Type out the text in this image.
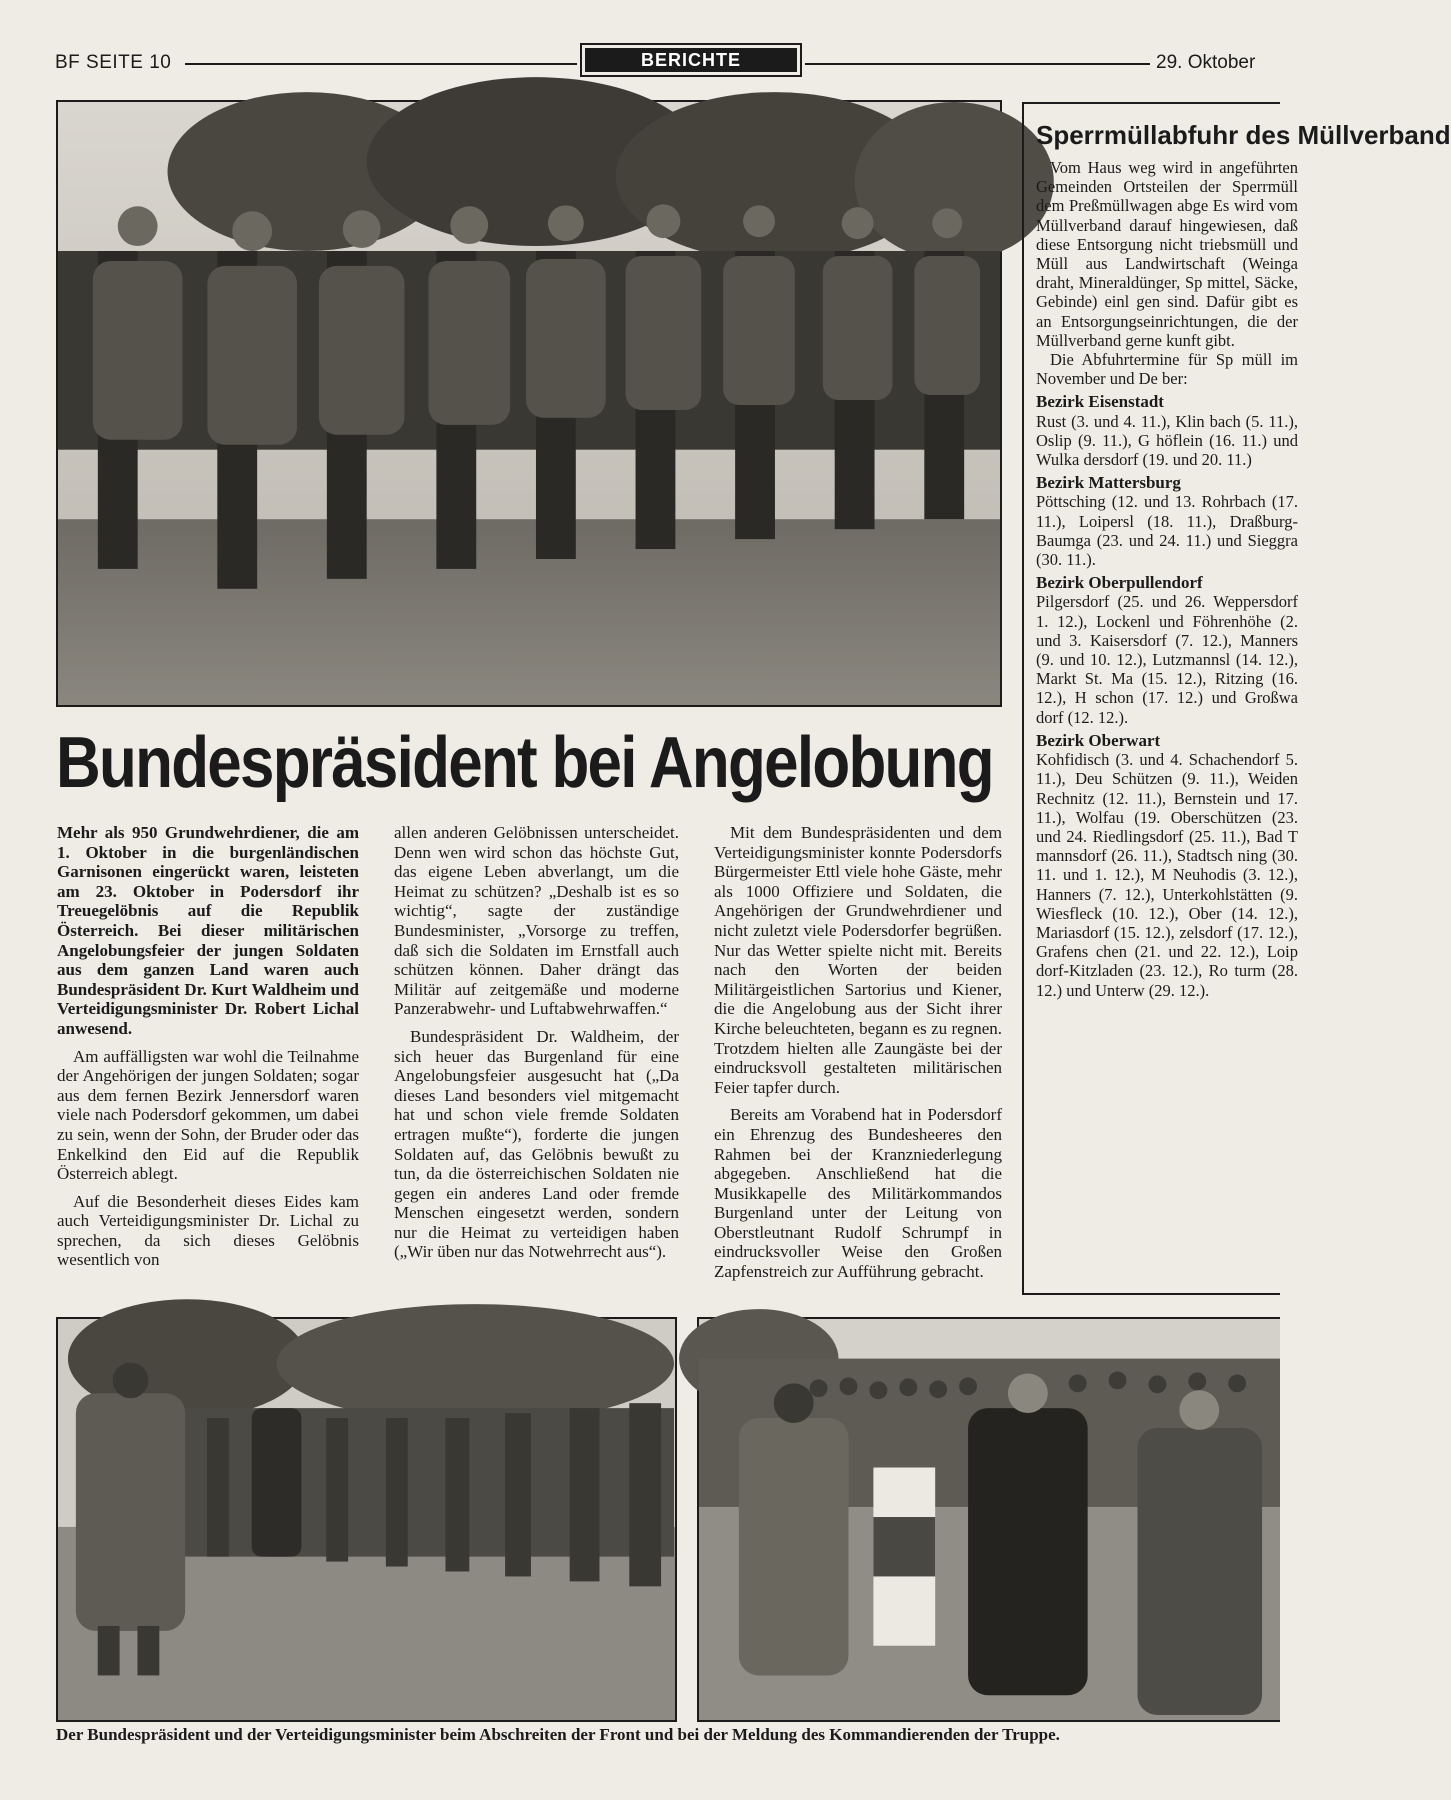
BF SEITE 10	BERICHTE	29. Oktober
Bundespräsident bei Angelobung

Mehr als 950 Grundwehrdiener, die am 1. Oktober in die burgenländischen Garnisonen eingerückt waren, leisteten am 23. Oktober in Podersdorf ihr Treuegelöbnis auf die Republik Österreich. Bei dieser militärischen Angelobungsfeier der jungen Soldaten aus dem ganzen Land waren auch Bundespräsident Dr. Kurt Waldheim und Verteidigungsminister Dr. Robert Lichal anwesend.

Am auffälligsten war wohl die Teilnahme der Angehörigen der jungen Soldaten; sogar aus dem fernen Bezirk Jennersdorf waren viele nach Podersdorf gekommen, um dabei zu sein, wenn der Sohn, der Bruder oder das Enkelkind den Eid auf die Republik Österreich ablegt.

Auf die Besonderheit dieses Eides kam auch Verteidigungsminister Dr. Lichal zu sprechen, da sich dieses Gelöbnis wesentlich von

allen anderen Gelöbnissen unterscheidet. Denn wen wird schon das höchste Gut, das eigene Leben abverlangt, um die Heimat zu schützen? „Deshalb ist es so wichtig“, sagte der zuständige Bundesminister, „Vorsorge zu treffen, daß sich die Soldaten im Ernstfall auch schützen können. Daher drängt das Militär auf zeitgemäße und moderne Panzerabwehr- und Luftabwehrwaffen.“

Bundespräsident Dr. Waldheim, der sich heuer das Burgenland für eine Angelobungsfeier ausgesucht hat („Da dieses Land besonders viel mitgemacht hat und schon viele fremde Soldaten ertragen mußte“), forderte die jungen Soldaten auf, das Gelöbnis bewußt zu tun, da die österreichischen Soldaten nie gegen ein anderes Land oder fremde Menschen eingesetzt werden, sondern nur die Heimat zu verteidigen haben („Wir üben nur das Notwehrrecht aus“).

Mit dem Bundespräsidenten und dem Verteidigungsminister konnte Podersdorfs Bürgermeister Ettl viele hohe Gäste, mehr als 1000 Offiziere und Soldaten, die Angehörigen der Grundwehrdiener und nicht zuletzt viele Podersdorfer begrüßen. Nur das Wetter spielte nicht mit. Bereits nach den Worten der beiden Militärgeistlichen Sartorius und Kiener, die die Angelobung aus der Sicht ihrer Kirche beleuchteten, begann es zu regnen. Trotzdem hielten alle Zaungäste bei der eindrucksvoll gestalteten militärischen Feier tapfer durch.

Bereits am Vorabend hat in Podersdorf ein Ehrenzug des Bundesheeres den Rahmen bei der Kranzniederlegung abgegeben. Anschließend hat die Musikkapelle des Militärkommandos Burgenland unter der Leitung von Oberstleutnant Rudolf Schrumpf in eindrucksvoller Weise den Großen Zapfenstreich zur Aufführung gebracht.

Sperrmüllabfuhr des Müllverband

Vom Haus weg wird in angeführten Gemeinden Ortsteilen der Sperrmüll dem Preßmüllwagen abge Es wird vom Müllverband darauf hingewiesen, daß diese Entsorgung nicht triebsmüll und Müll aus Landwirtschaft (Weinga draht, Mineraldünger, Sp mittel, Säcke, Gebinde) einl gen sind. Dafür gibt es an Entsorgungseinrichtungen, die der Müllverband gerne kunft gibt.

Die Abfuhrtermine für Sp müll im November und De ber:

Bezirk Eisenstadt

Rust (3. und 4. 11.), Klin bach (5. 11.), Oslip (9. 11.), G höflein (16. 11.) und Wulka dersdorf (19. und 20. 11.)

Bezirk Mattersburg

Pöttsching (12. und 13. Rohrbach (17. 11.), Loipersl (18. 11.), Draßburg-Baumga (23. und 24. 11.) und Sieggra (30. 11.).

Bezirk Oberpullendorf

Pilgersdorf (25. und 26. Weppersdorf 1. 12.), Lockenl und Föhrenhöhe (2. und 3. Kaisersdorf (7. 12.), Manners (9. und 10. 12.), Lutzmannsl (14. 12.), Markt St. Ma (15. 12.), Ritzing (16. 12.), H schon (17. 12.) und Großwa dorf (12. 12.).

Bezirk Oberwart

Kohfidisch (3. und 4. Schachendorf 5. 11.), Deu Schützen (9. 11.), Weiden Rechnitz (12. 11.), Bernstein und 17. 11.), Wolfau (19. Oberschützen (23. und 24. Riedlingsdorf (25. 11.), Bad T mannsdorf (26. 11.), Stadtsch ning (30. 11. und 1. 12.), M Neuhodis (3. 12.), Hanners (7. 12.), Unterkohlstätten (9. Wiesfleck (10. 12.), Ober (14. 12.), Mariasdorf (15. 12.), zelsdorf (17. 12.), Grafens chen (21. und 22. 12.), Loip dorf-Kitzladen (23. 12.), Ro turm (28. 12.) und Unterw (29. 12.).

Der Bundespräsident und der Verteidigungsminister beim Abschreiten der Front und bei der Meldung des Kommandierenden der Truppe.
